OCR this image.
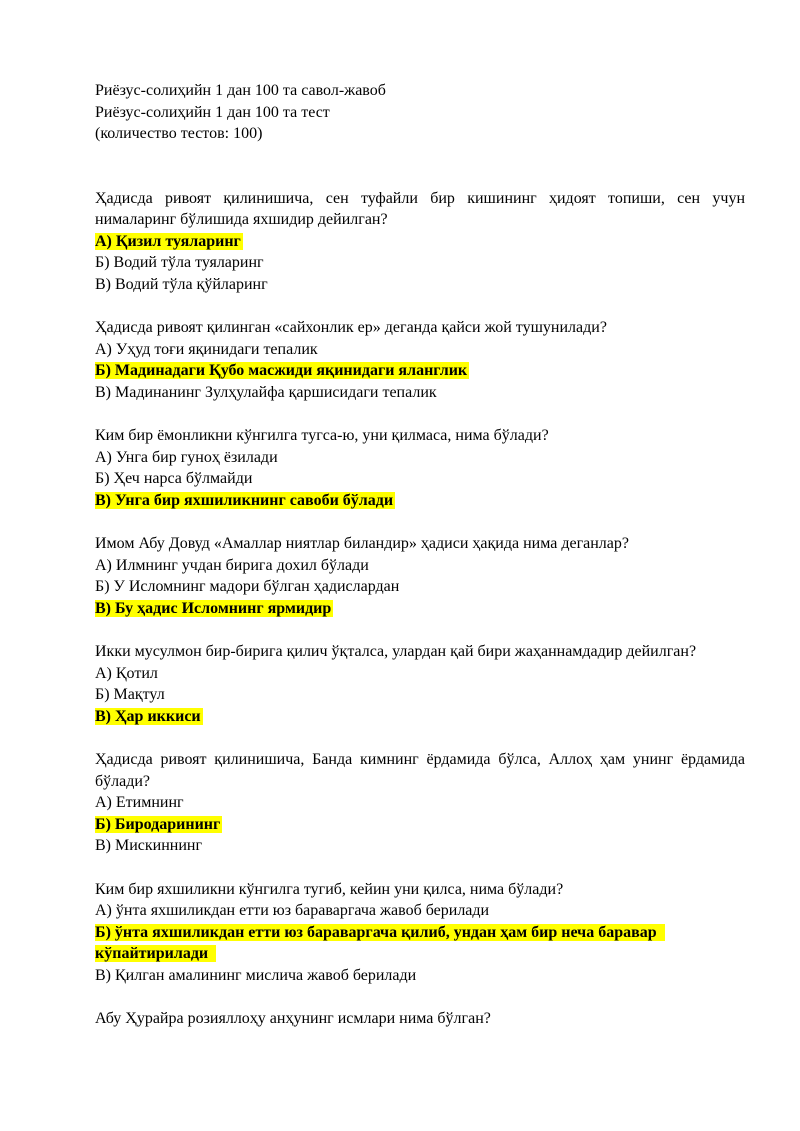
Риёзус-солиҳийн 1 дан 100 та савол-жавоб
Риёзус-солиҳийн 1 дан 100 та тест
(количество тестов: 100)

Ҳадисда ривоят қилинишича, сен туфайли бир кишининг ҳидоят топиши, сен учун нималаринг бўлишида яхшидир дейилган?

А) Қизил туяларинг
Б) Водий тўла туяларинг
В) Водий тўла қўйларинг

Ҳадисда ривоят қилинган «сайхонлик ер» деганда қайси жой тушунилади?

А) Уҳуд тоғи яқинидаги тепалик
Б) Мадинадаги Қубо масжиди яқинидаги яланглик
В) Мадинанинг Зулҳулайфа қаршисидаги тепалик

Ким бир ёмонликни кўнгилга тугса-ю, уни қилмаса, нима бўлади?

А) Унга бир гуноҳ ёзилади
Б) Ҳеч нарса бўлмайди
В) Унга бир яхшиликнинг савоби бўлади

Имом Абу Довуд «Амаллар ниятлар биландир» ҳадиси ҳақида нима деганлар?

А) Илмнинг учдан бирига дохил бўлади
Б) У Исломнинг мадори бўлган ҳадислардан
В) Бу ҳадис Исломнинг ярмидир

Икки мусулмон бир-бирига қилич ўқталса, улардан қай бири жаҳаннамдадир дейилган?

А) Қотил
Б) Мақтул
В) Ҳар иккиси

Ҳадисда ривоят қилинишича, Банда кимнинг ёрдамида бўлса, Аллоҳ ҳам унинг ёрдамида бўлади?

А) Етимнинг
Б) Биродарининг
В) Мискиннинг

Ким бир яхшиликни кўнгилга тугиб, кейин уни қилса, нима бўлади?

А) ўнта яхшиликдан етти юз бараваргача жавоб берилади
Б) ўнта яхшиликдан етти юз бараваргача қилиб, ундан ҳам бир неча баравар кўпайтирилади
В) Қилган амалининг мислича жавоб берилади

Абу Ҳурайра розияллоҳу анҳунинг исмлари нима бўлган?
